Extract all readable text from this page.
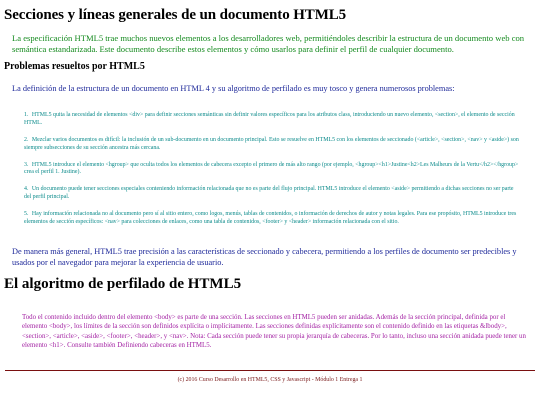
Secciones y líneas generales de un documento HTML5

La especificación HTML5 trae muchos nuevos elementos a los desarrolladores web, permitiéndoles describir la estructura de un documento web con semántica estandarizada. Este documento describe estos elementos y cómo usarlos para definir el perfil de cualquier documento.

Problemas resueltos por HTML5

La definición de la estructura de un documento en HTML 4 y su algoritmo de perfilado es muy tosco y genera numerosos problemas:

1. HTML5 quita la necesidad de elementos <div> para definir secciones semánticas sin definir valores específicos para los atributos class, introduciendo un nuevo elemento, <section>, el elemento de sección HTML.
2. Mezclar varios documentos es difícil: la inclusión de un sub-documento en un documento principal. Esto se resuelve en HTML5 con los elementos de seccionado (<article>, <section>, <nav> y <aside>) son siempre subsecciones de su sección ancestra más cercana.
3. HTML5 introduce el elemento <hgroup> que oculta todos los elementos de cabecera excepto el primero de más alto rango (por ejemplo, <hgroup><h1>Justine<h2>Les Malheurs de la Vertu</h2></hgroup> crea el perfil 1. Justine).
4. Un documento puede tener secciones especiales conteniendo información relacionada que no es parte del flujo principal. HTML5 introduce el elemento <aside> permitiendo a dichas secciones no ser parte del perfil principal.
5. Hay información relacionada no al documento pero sí al sitio entero, como logos, menús, tablas de contenidos, o información de derechos de autor y notas legales. Para ese propósito, HTML5 introduce tres elementos de sección específicos: <nav> para colecciones de enlaces, como una tabla de contenidos, <footer> y <header> información relacionada con el sitio.

De manera más general, HTML5 trae precisión a las características de seccionado y cabecera, permitiendo a los perfiles de documento ser predecibles y usados por el navegador para mejorar la experiencia de usuario.

El algoritmo de perfilado de HTML5

Todo el contenido incluido dentro del elemento <body> es parte de una sección. Las secciones en HTML5 pueden ser anidadas. Además de la sección principal, definida por el elemento <body>, los límites de la sección son definidos explícita o implícitamente. Las secciones definidas explícitamente son el contenido definido en las etiquetas &lbody>, <section>, <article>, <aside>, <footer>, <header>, y <nav>. Nota: Cada sección puede tener su propia jerarquía de cabeceras. Por lo tanto, incluso una sección anidada puede tener un elemento <h1>. Consulte también Definiendo cabeceras en HTML5.

(c) 2016 Curso Desarrollo en HTML5, CSS y Javascript - Módulo 1 Entrega 1
